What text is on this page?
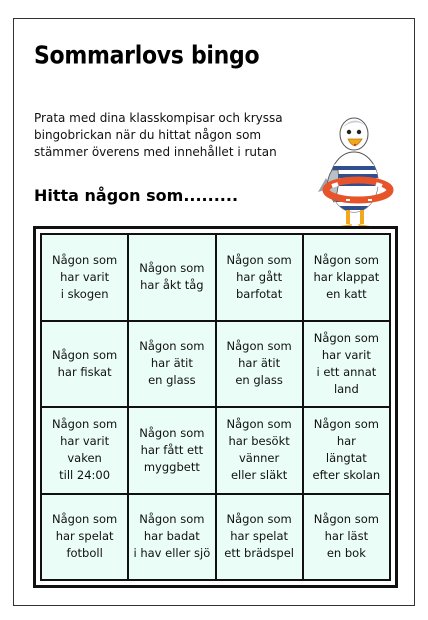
Sommarlovs bingo
Prata med dina klasskompisar och kryssa bingobrickan när du hittat någon som stämmer överens med innehållet i rutan
Hitta någon som.........
Någon som
har varit
i skogen
Någon som
har åkt tåg
Någon som
har gått
barfotat
Någon som
har klappat
en katt
Någon som
har fiskat
Någon som
har ätit
en glass
Någon som
har ätit
en glass
Någon som
har varit
i ett annat
land
Någon som
har varit
vaken
till 24:00
Någon som
har fått ett
myggbett
Någon som
har besökt
vänner
eller släkt
Någon som
har
längtat
efter skolan
Någon som
har spelat
fotboll
Någon som
har badat
i hav eller sjö
Någon som
har spelat
ett brädspel
Någon som
har läst
en bok
